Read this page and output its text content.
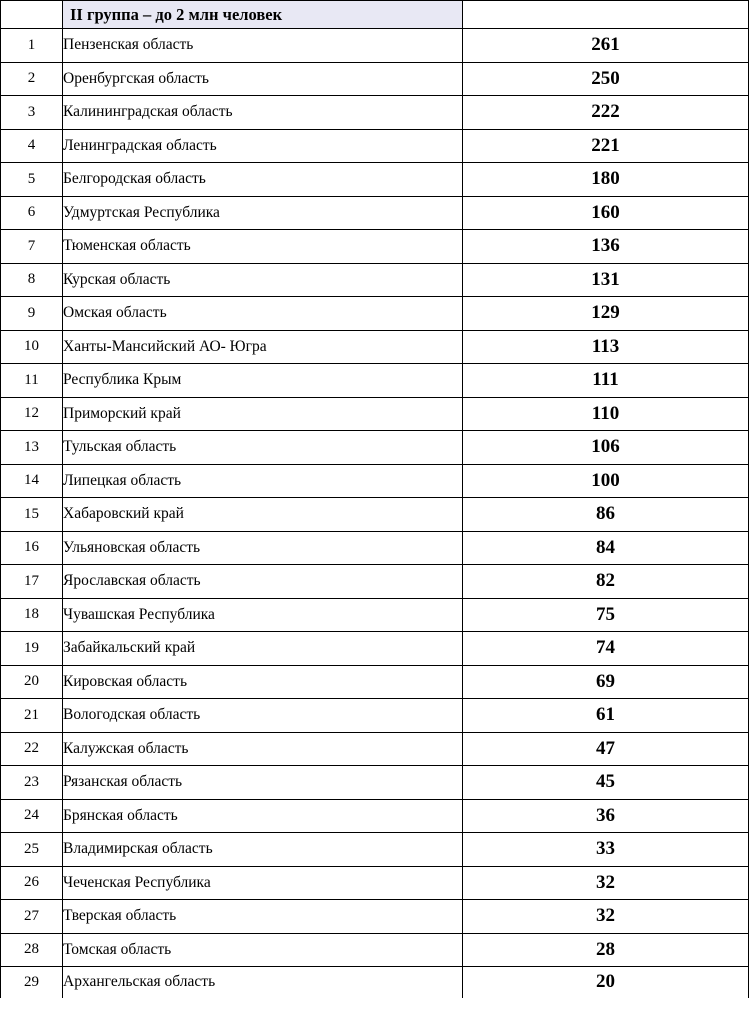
	II группа – до 2 млн человек	
1	Пензенская область	261
2	Оренбургская область	250
3	Калининградская область	222
4	Ленинградская область	221
5	Белгородская область	180
6	Удмуртская Республика	160
7	Тюменская область	136
8	Курская область	131
9	Омская область	129
10	Ханты-Мансийский АО- Югра	113
11	Республика Крым	111
12	Приморский край	110
13	Тульская область	106
14	Липецкая область	100
15	Хабаровский край	86
16	Ульяновская область	84
17	Ярославская область	82
18	Чувашская Республика	75
19	Забайкальский край	74
20	Кировская область	69
21	Вологодская область	61
22	Калужская область	47
23	Рязанская область	45
24	Брянская область	36
25	Владимирская область	33
26	Чеченская Республика	32
27	Тверская область	32
28	Томская область	28
29	Архангельская область	20
